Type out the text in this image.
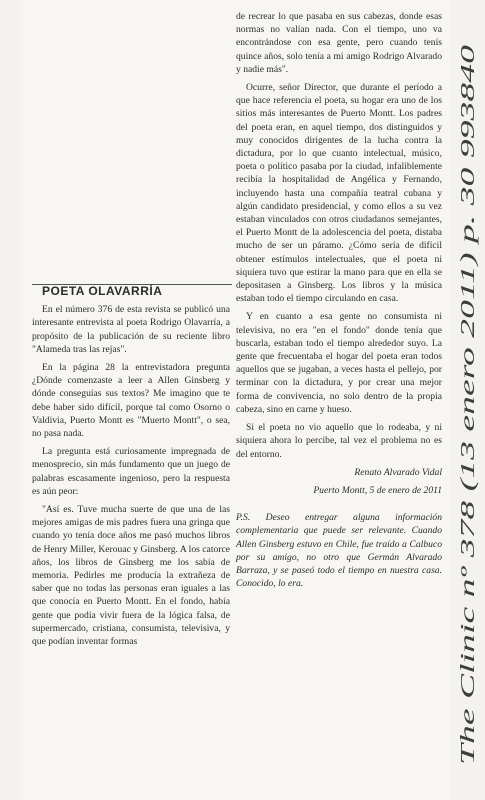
POETA OLAVARRÍA

En el número 376 de esta revista se publicó una interesante entrevista al poeta Rodrigo Olavarría, a propósito de la publicación de su reciente libro "Alameda tras las rejas".

En la página 28 la entrevistadora pregunta ¿Dónde comenzaste a leer a Allen Ginsberg y dónde conseguías sus textos? Me imagino que te debe haber sido difícil, porque tal como Osorno o Valdivia, Puerto Montt es "Muerto Montt", o sea, no pasa nada.

La pregunta está curiosamente impregnada de menosprecio, sin más fundamento que un juego de palabras escasamente ingenioso, pero la respuesta es aún peor:

"Así es. Tuve mucha suerte de que una de las mejores amigas de mis padres fuera una gringa que cuando yo tenía doce años me pasó muchos libros de Henry Miller, Kerouac y Ginsberg. A los catorce años, los libros de Ginsberg me los sabía de memoria. Pedirles me producía la extrañeza de saber que no todas las personas eran iguales a las que conocía en Puerto Montt. En el fondo, había gente que podía vivir fuera de la lógica falsa, de supermercado, cristiana, consumista, televisiva, y que podían inventar formas

de recrear lo que pasaba en sus cabezas, donde esas normas no valían nada. Con el tiempo, uno va encontrándose con esa gente, pero cuando tenís quince años, solo tenía a mi amigo Rodrigo Alvarado y nadie más".

Ocurre, señor Director, que durante el período a que hace referencia el poeta, su hogar era uno de los sitios más interesantes de Puerto Montt. Los padres del poeta eran, en aquel tiempo, dos distinguidos y muy conocidos dirigentes de la lucha contra la dictadura, por lo que cuanto intelectual, músico, poeta o político pasaba por la ciudad, infaliblemente recibía la hospitalidad de Angélica y Fernando, incluyendo hasta una compañía teatral cubana y algún candidato presidencial, y como ellos a su vez estaban vinculados con otros ciudadanos semejantes, el Puerto Montt de la adolescencia del poeta, distaba mucho de ser un páramo. ¿Cómo sería de difícil obtener estímulos intelectuales, que el poeta ni siquiera tuvo que estirar la mano para que en ella se depositasen a Ginsberg. Los libros y la música estaban todo el tiempo circulando en casa.

Y en cuanto a esa gente no consumista ni televisiva, no era "en el fondo" donde tenía que buscarla, estaban todo el tiempo alrededor suyo. La gente que frecuentaba el hogar del poeta eran todos aquellos que se jugaban, a veces hasta el pellejo, por terminar con la dictadura, y por crear una mejor forma de convivencia, no solo dentro de la propia cabeza, sino en carne y hueso.

Si el poeta no vio aquello que lo rodeaba, y ni siquiera ahora lo percibe, tal vez el problema no es del entorno.

Renato Alvarado Vidal

Puerto Montt, 5 de enero de 2011

P.S. Deseo entregar alguna información complementaria que puede ser relevante. Cuando Allen Ginsberg estuvo en Chile, fue traído a Calbuco por su amigo, no otro que Germán Alvarado Barraza, y se paseó todo el tiempo en nuestra casa. Conocido, lo era.	The Clinic nº 378 (13 enero 2011) p. 30 993840
